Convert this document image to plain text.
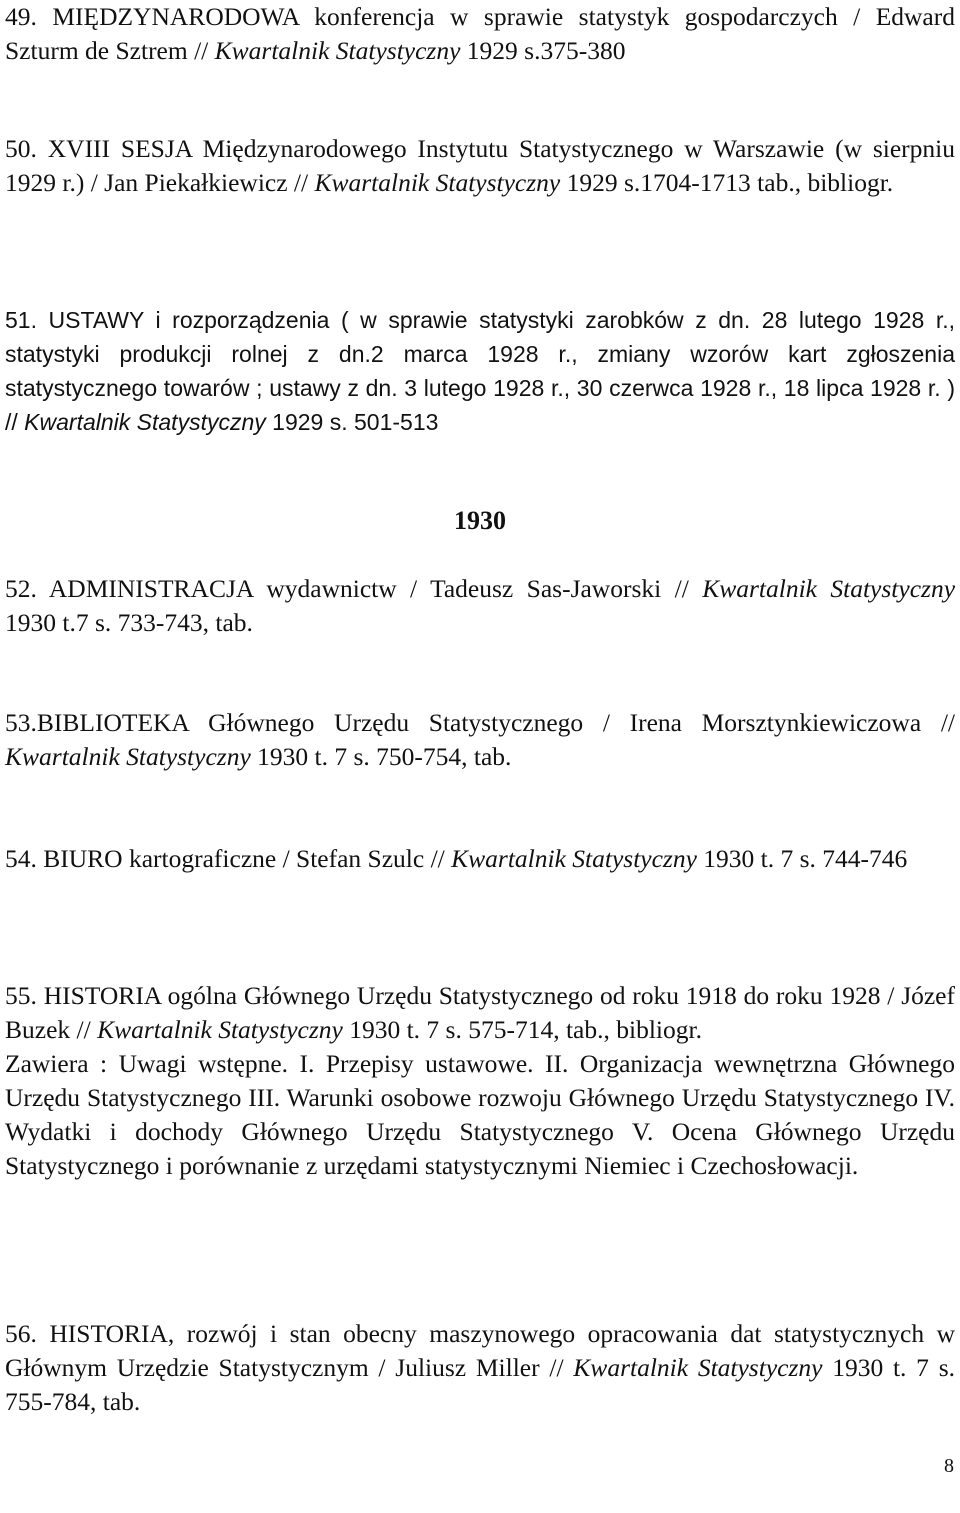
49. MIĘDZYNARODOWA konferencja w sprawie statystyk gospodarczych / Edward Szturm de Sztrem // Kwartalnik Statystyczny 1929 s.375-380
50. XVIII SESJA Międzynarodowego Instytutu Statystycznego w Warszawie (w sierpniu 1929 r.) / Jan Piekałkiewicz // Kwartalnik Statystyczny 1929 s.1704-1713 tab., bibliogr.
51. USTAWY i rozporządzenia ( w sprawie statystyki zarobków z dn. 28 lutego 1928 r., statystyki produkcji rolnej z dn.2 marca 1928 r., zmiany wzorów kart zgłoszenia statystycznego towarów ; ustawy z dn. 3 lutego 1928 r., 30 czerwca 1928 r., 18 lipca 1928 r. ) // Kwartalnik Statystyczny 1929 s. 501-513
1930
52. ADMINISTRACJA wydawnictw / Tadeusz Sas-Jaworski // Kwartalnik Statystyczny 1930 t.7 s. 733-743, tab.
53.BIBLIOTEKA Głównego Urzędu Statystycznego / Irena Morsztynkiewiczowa // Kwartalnik Statystyczny 1930 t. 7 s. 750-754, tab.
54. BIURO kartograficzne / Stefan Szulc // Kwartalnik Statystyczny 1930 t. 7 s. 744-746
55. HISTORIA ogólna Głównego Urzędu Statystycznego od roku 1918 do roku 1928 / Józef Buzek // Kwartalnik Statystyczny 1930 t. 7 s. 575-714, tab., bibliogr.
Zawiera : Uwagi wstępne. I. Przepisy ustawowe. II. Organizacja wewnętrzna Głównego Urzędu Statystycznego III. Warunki osobowe rozwoju Głównego Urzędu Statystycznego IV. Wydatki i dochody Głównego Urzędu Statystycznego V. Ocena Głównego Urzędu Statystycznego i porównanie z urzędami statystycznymi Niemiec i Czechosłowacji.
56. HISTORIA, rozwój i stan obecny maszynowego opracowania dat statystycznych w Głównym Urzędzie Statystycznym / Juliusz Miller // Kwartalnik Statystyczny 1930 t. 7 s. 755-784, tab.
8
